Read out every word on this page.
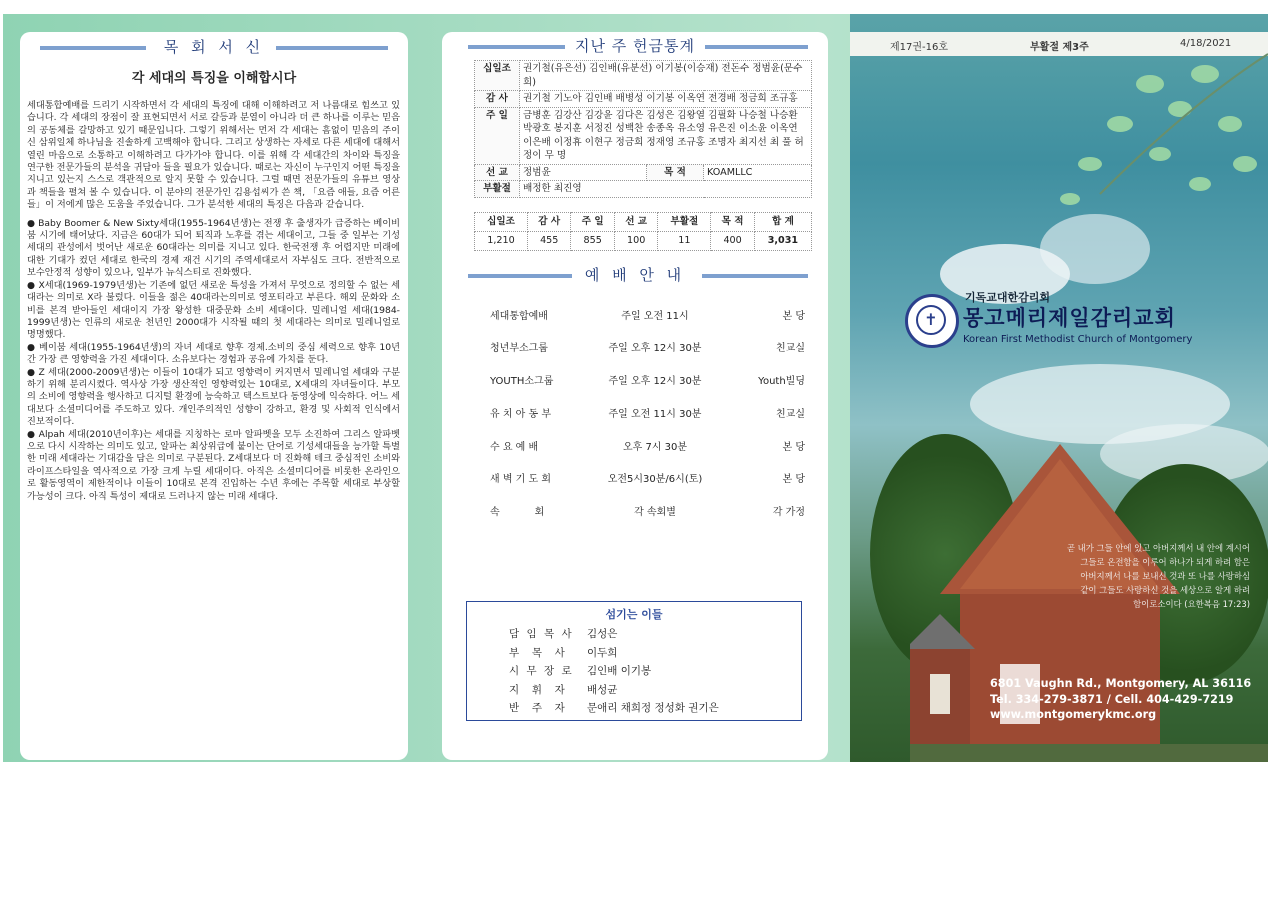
목 회 서 신
각 세대의 특징을 이해합시다

세대통합예배를 드리기 시작하면서 각 세대의 특징에 대해 이해하려고 저 나름대로 힘쓰고 있습니다. 각 세대의 장점이 잘 표현되면서 서로 갈등과 분열이 아니라 더 큰 하나를 이루는 믿음의 공동체를 갈망하고 있기 때문입니다. 그렇기 위해서는 먼저 각 세대는 흠없이 믿음의 주이신 삼위일체 하나님을 진솔하게 고백해야 합니다. 그리고 상생하는 자세로 다른 세대에 대해서 열린 마음으로 소통하고 이해하려고 다가가야 합니다. 이를 위해 각 세대간의 차이와 특징을 연구한 전문가들의 분석을 귀담아 들을 필요가 있습니다. 때로는 자신이 누구인지 어떤 특징을 지니고 있는지 스스로 객관적으로 알지 못할 수 있습니다. 그럴 때면 전문가들의 유튜브 영상과 책들을 펼쳐 볼 수 있습니다. 이 분야의 전문가인 김용섭씨가 쓴 책, 「요즘 애들, 요즘 어른들」이 저에게 많은 도움을 주었습니다. 그가 분석한 세대의 특징은 다음과 같습니다.

● Baby Boomer & New Sixty세대(1955-1964년생)는 전쟁 후 출생자가 급증하는 베이비붐 시기에 태어났다. 지금은 60대가 되어 퇴직과 노후를 겪는 세대이고, 그들 중 일부는 기성세대의 관성에서 벗어난 새로운 60대라는 의미를 지니고 있다. 한국전쟁 후 어렵지만 미래에 대한 기대가 컸던 세대로 한국의 경제 재건 시기의 주역세대로서 자부심도 크다. 전반적으로 보수안정적 성향이 있으나, 일부가 뉴식스티로 진화했다.

● X세대(1969-1979년생)는 기존에 없던 새로운 특성을 가져서 무엇으로 정의할 수 없는 세대라는 의미로 X라 불렀다. 이들을 젊은 40대라는의미로 영포티라고 부른다. 해외 문화와 소비를 본격 받아들인 세대이지 가장 왕성한 대중문화 소비 세대이다. 밀레니얼 세대(1984-1999년생)는 인류의 새로운 천년인 2000대가 시작될 때의 첫 세대라는 의미로 밀레니얼로 명명했다.

● 베이붐 세대(1955-1964년생)의 자녀 세대로 향후 경제.소비의 중심 세력으로 향후 10년간 가장 큰 영향력을 가진 세대이다. 소유보다는 경험과 공유에 가치를 둔다.

● Z 세대(2000-2009년생)는 이들이 10대가 되고 영향력이 커지면서 밀레니얼 세대와 구분하기 위해 분리시켰다. 역사상 가장 생산적인 영향력있는 10대로, X세대의 자녀들이다. 부모의 소비에 영향력을 행사하고 디지털 환경에 능숙하고 텍스트보다 동영상에 익숙하다. 어느 세대보다 소셜미디어를 주도하고 있다. 개인주의적인 성향이 강하고, 환경 및 사회적 인식에서 진보적이다.

● Alpah 세대(2010년이후)는 세대를 지칭하는 로마 알파벳을 모두 소진하여 그리스 알파벳으로 다시 시작하는 의미도 있고, 알파는 최상위급에 붙이는 단어로 기성세대들을 능가할 특별한 미래 세대라는 기대감을 담은 의미로 구분된다. Z세대보다 더 진화해 테크 중심적인 소비와 라이프스타일을 역사적으로 가장 크게 누릴 세대이다. 아직은 소셜미디어를 비롯한 온라인으로 활동영역이 제한적이나 이들이 10대로 본격 진입하는 수년 후에는 주목할 세대로 부상할 가능성이 크다. 아직 특성이 제대로 드러나지 않는 미래 세대다.

지난 주 헌금통계
십일조	권기철(유은선) 김인배(유분선) 이기봉(이승재) 전돈수 정범윤(문수희)		
감 사	권기철 기노아 김인배 배병성 이기봉 이옥연 전경배 정금희 조규홍		
주 일	금병훈 김강산 김강윤 김다은 김성은 김왕열 김필화 나승철 나승환 박광호 봉지훈 서정진 성백찬 송종옥 유소영 유은진 이소윤 이옥연 이은배 이정휴 이현구 정금희 정재영 조규홍 조명자 최지선 최 풀 허정이 무 명		
선 교	정범윤	목 적	KOAMLLC
부활절	배정한 최진영		
십일조	감 사	주 일	선 교	부활절	목 적	합 계
1,210	455	855	100	11	400	3,031
예 배 안 내
세대통합예배	주일 오전 11시	본 당
청년부소그룹	주일 오후 12시 30분	친교실
YOUTH소그룹	주일 오후 12시 30분	Youth빌딩
유 치 아 동 부	주일 오전 11시 30분	친교실
수 요 예 배	오후 7시 30분	본 당
새 벽 기 도 회	오전5시30분/6시(토)	본 당
속           회	각 속회별	각 가정
제17권-16호	부활절 제3주	4/18/2021
✝
기독교대한감리회
몽고메리제일감리교회
Korean First Methodist Church of Montgomery
곧 내가 그들 안에 있고 아버지께서 내 안에 계시어
그들로 온전함을 이루어 하나가 되게 하려 함은
아버지께서 나를 보내신 것과 또 나를 사랑하심
같이 그들도 사랑하신 것을 세상으로 알게 하려
함이로소이다 (요한복음 17:23)
6801 Vaughn Rd., Montgomery, AL 36116
Tel. 334-279-3871 / Cell. 404-429-7219
www.montgomerykmc.org
섬기는 이들
담 임 목 사 김성은
부  목  사 이두희
시 무 장 로 김인배 이기봉
지  휘  자 배성균
반  주  자 문애리 채희정 정성화 권기은
